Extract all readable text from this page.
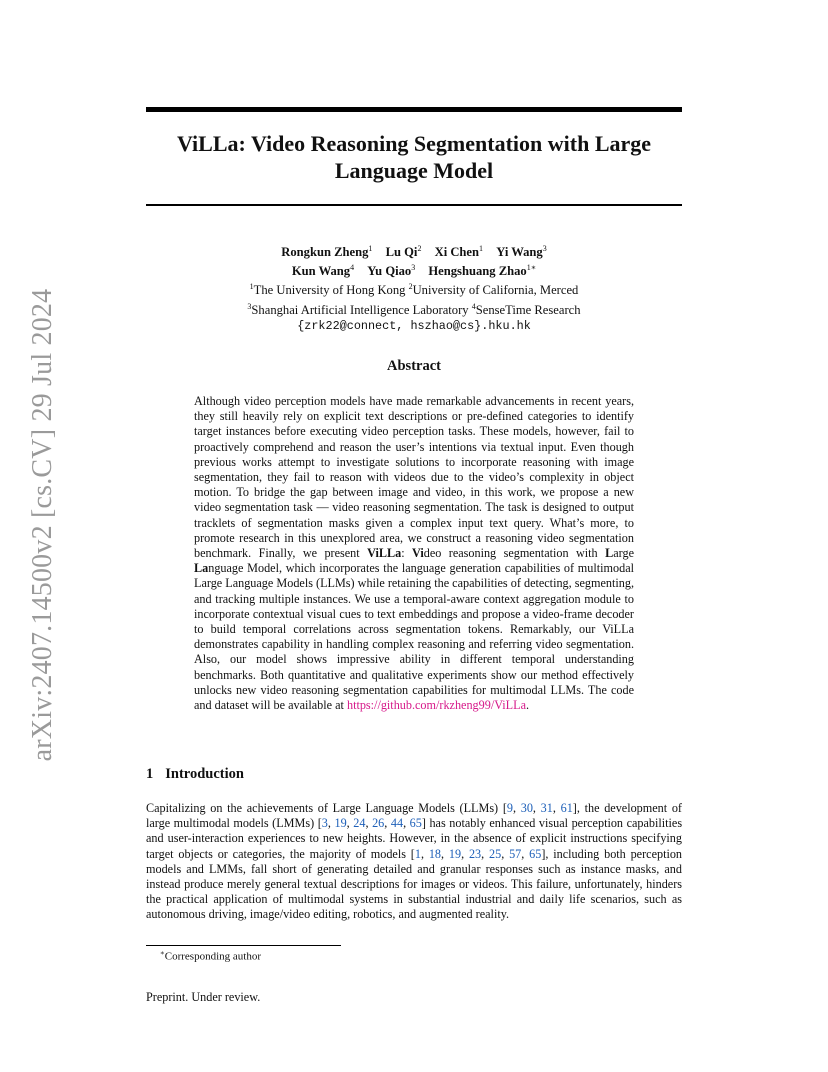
arXiv:2407.14500v2 [cs.CV] 29 Jul 2024
ViLLa: Video Reasoning Segmentation with Large
Language Model
Rongkun Zheng$^1$ Lu Qi$^2$ Xi Chen$^1$ Yi Wang$^3$
Kun Wang$^4$ Yu Qiao$^3$ Hengshuang Zhao$^{1∗}$
$^1$The University of Hong Kong $^2$University of California, Merced
$^3$Shanghai Artificial Intelligence Laboratory $^4$SenseTime Research
{zrk22@connect, hszhao@cs}.hku.hk
Abstract

Although video perception models have made remarkable advancements in recent years, they still heavily rely on explicit text descriptions or pre-defined categories to identify target instances before executing video perception tasks. These models, however, fail to proactively comprehend and reason the user’s intentions via textual input. Even though previous works attempt to investigate solutions to incorporate reasoning with image segmentation, they fail to reason with videos due to the video’s complexity in object motion. To bridge the gap between image and video, in this work, we propose a new video segmentation task — video reasoning segmentation. The task is designed to output tracklets of segmentation masks given a complex input text query. What’s more, to promote research in this unexplored area, we construct a reasoning video segmentation benchmark. Finally, we present ViLLa: Video reasoning segmentation with Large Language Model, which incorporates the language generation capabilities of multimodal Large Language Models (LLMs) while retaining the capabilities of detecting, segmenting, and tracking multiple instances. We use a temporal-aware context aggregation module to incorporate contextual visual cues to text embeddings and propose a video-frame decoder to build temporal correlations across segmentation tokens. Remarkably, our ViLLa demonstrates capability in handling complex reasoning and referring video segmentation. Also, our model shows impressive ability in different temporal understanding benchmarks. Both quantitative and qualitative experiments show our method effectively unlocks new video reasoning segmentation capabilities for multimodal LLMs. The code and dataset will be available at https://github.com/rkzheng99/ViLLa.

1 Introduction

Capitalizing on the achievements of Large Language Models (LLMs) [9, 30, 31, 61], the development of large multimodal models (LMMs) [3, 19, 24, 26, 44, 65] has notably enhanced visual perception capabilities and user-interaction experiences to new heights. However, in the absence of explicit instructions specifying target objects or categories, the majority of models [1, 18, 19, 23, 25, 57, 65], including both perception models and LMMs, fall short of generating detailed and granular responses such as instance masks, and instead produce merely general textual descriptions for images or videos. This failure, unfortunately, hinders the practical application of multimodal systems in substantial industrial and daily life scenarios, such as autonomous driving, image/video editing, robotics, and augmented reality.

∗Corresponding author

Preprint. Under review.
